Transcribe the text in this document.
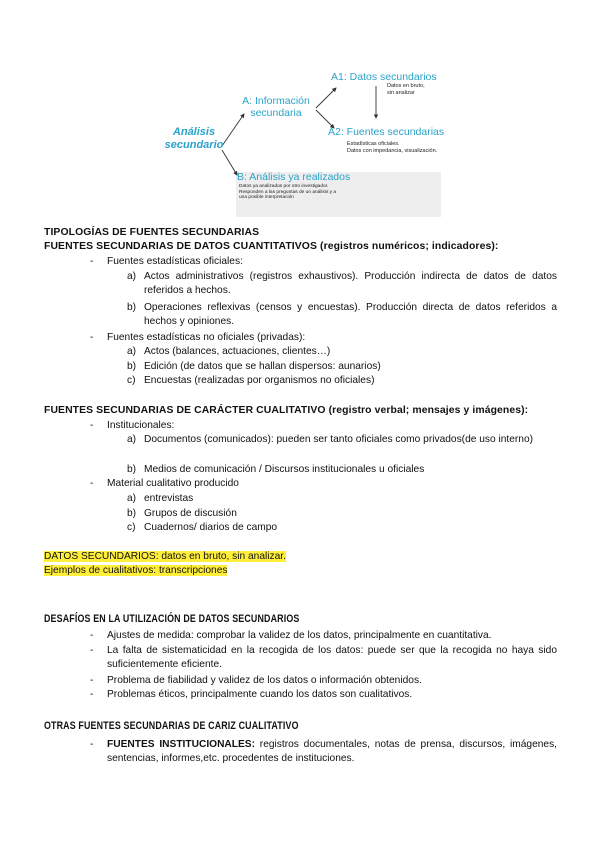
Análisis
secundario
A: Información
secundaria
A1: Datos secundarios
Datos en bruto,
sin analizar
A2: Fuentes secundarias
Estadísticas oficiales.
Datos con impedancia, visualización.
B: Análisis ya realizados
Datos ya analizados por otro investigador.
Responden a las preguntas de un análisis y a
una posible interpretación
TIPOLOGÍAS DE FUENTES SECUNDARIAS
FUENTES SECUNDARIAS DE DATOS CUANTITATIVOS (registros numéricos; indicadores):
- Fuentes estadísticas oficiales:
a) Actos administrativos (registros exhaustivos). Producción indirecta de datos de datos referidos a hechos.
b) Operaciones reflexivas (censos y encuestas). Producción directa de datos referidos a hechos y opiniones.
- Fuentes estadísticas no oficiales (privadas):
a) Actos (balances, actuaciones, clientes…)
b) Edición (de datos que se hallan dispersos: aunarios)
c) Encuestas (realizadas por organismos no oficiales)
FUENTES SECUNDARIAS DE CARÁCTER CUALITATIVO (registro verbal; mensajes y imágenes):
- Institucionales:
a) Documentos (comunicados): pueden ser tanto oficiales como privados(de uso interno)
b) Medios de comunicación / Discursos institucionales u oficiales
- Material cualitativo producido
a) entrevistas
b) Grupos de discusión
c) Cuadernos/ diarios de campo
DATOS SECUNDARIOS: datos en bruto, sin analizar.
Ejemplos de cualitativos: transcripciones
DESAFÍOS EN LA UTILIZACIÓN DE DATOS SECUNDARIOS
- Ajustes de medida: comprobar la validez de los datos, principalmente en cuantitativa.
- La falta de sistematicidad en la recogida de los datos: puede ser que la recogida no haya sido suficientemente eficiente.
- Problema de fiabilidad y validez de los datos o información obtenidos.
- Problemas éticos, principalmente cuando los datos son cualitativos.
OTRAS FUENTES SECUNDARIAS DE CARIZ CUALITATIVO
- FUENTES INSTITUCIONALES: registros documentales, notas de prensa, discursos, imágenes, sentencias, informes,etc. procedentes de instituciones.
